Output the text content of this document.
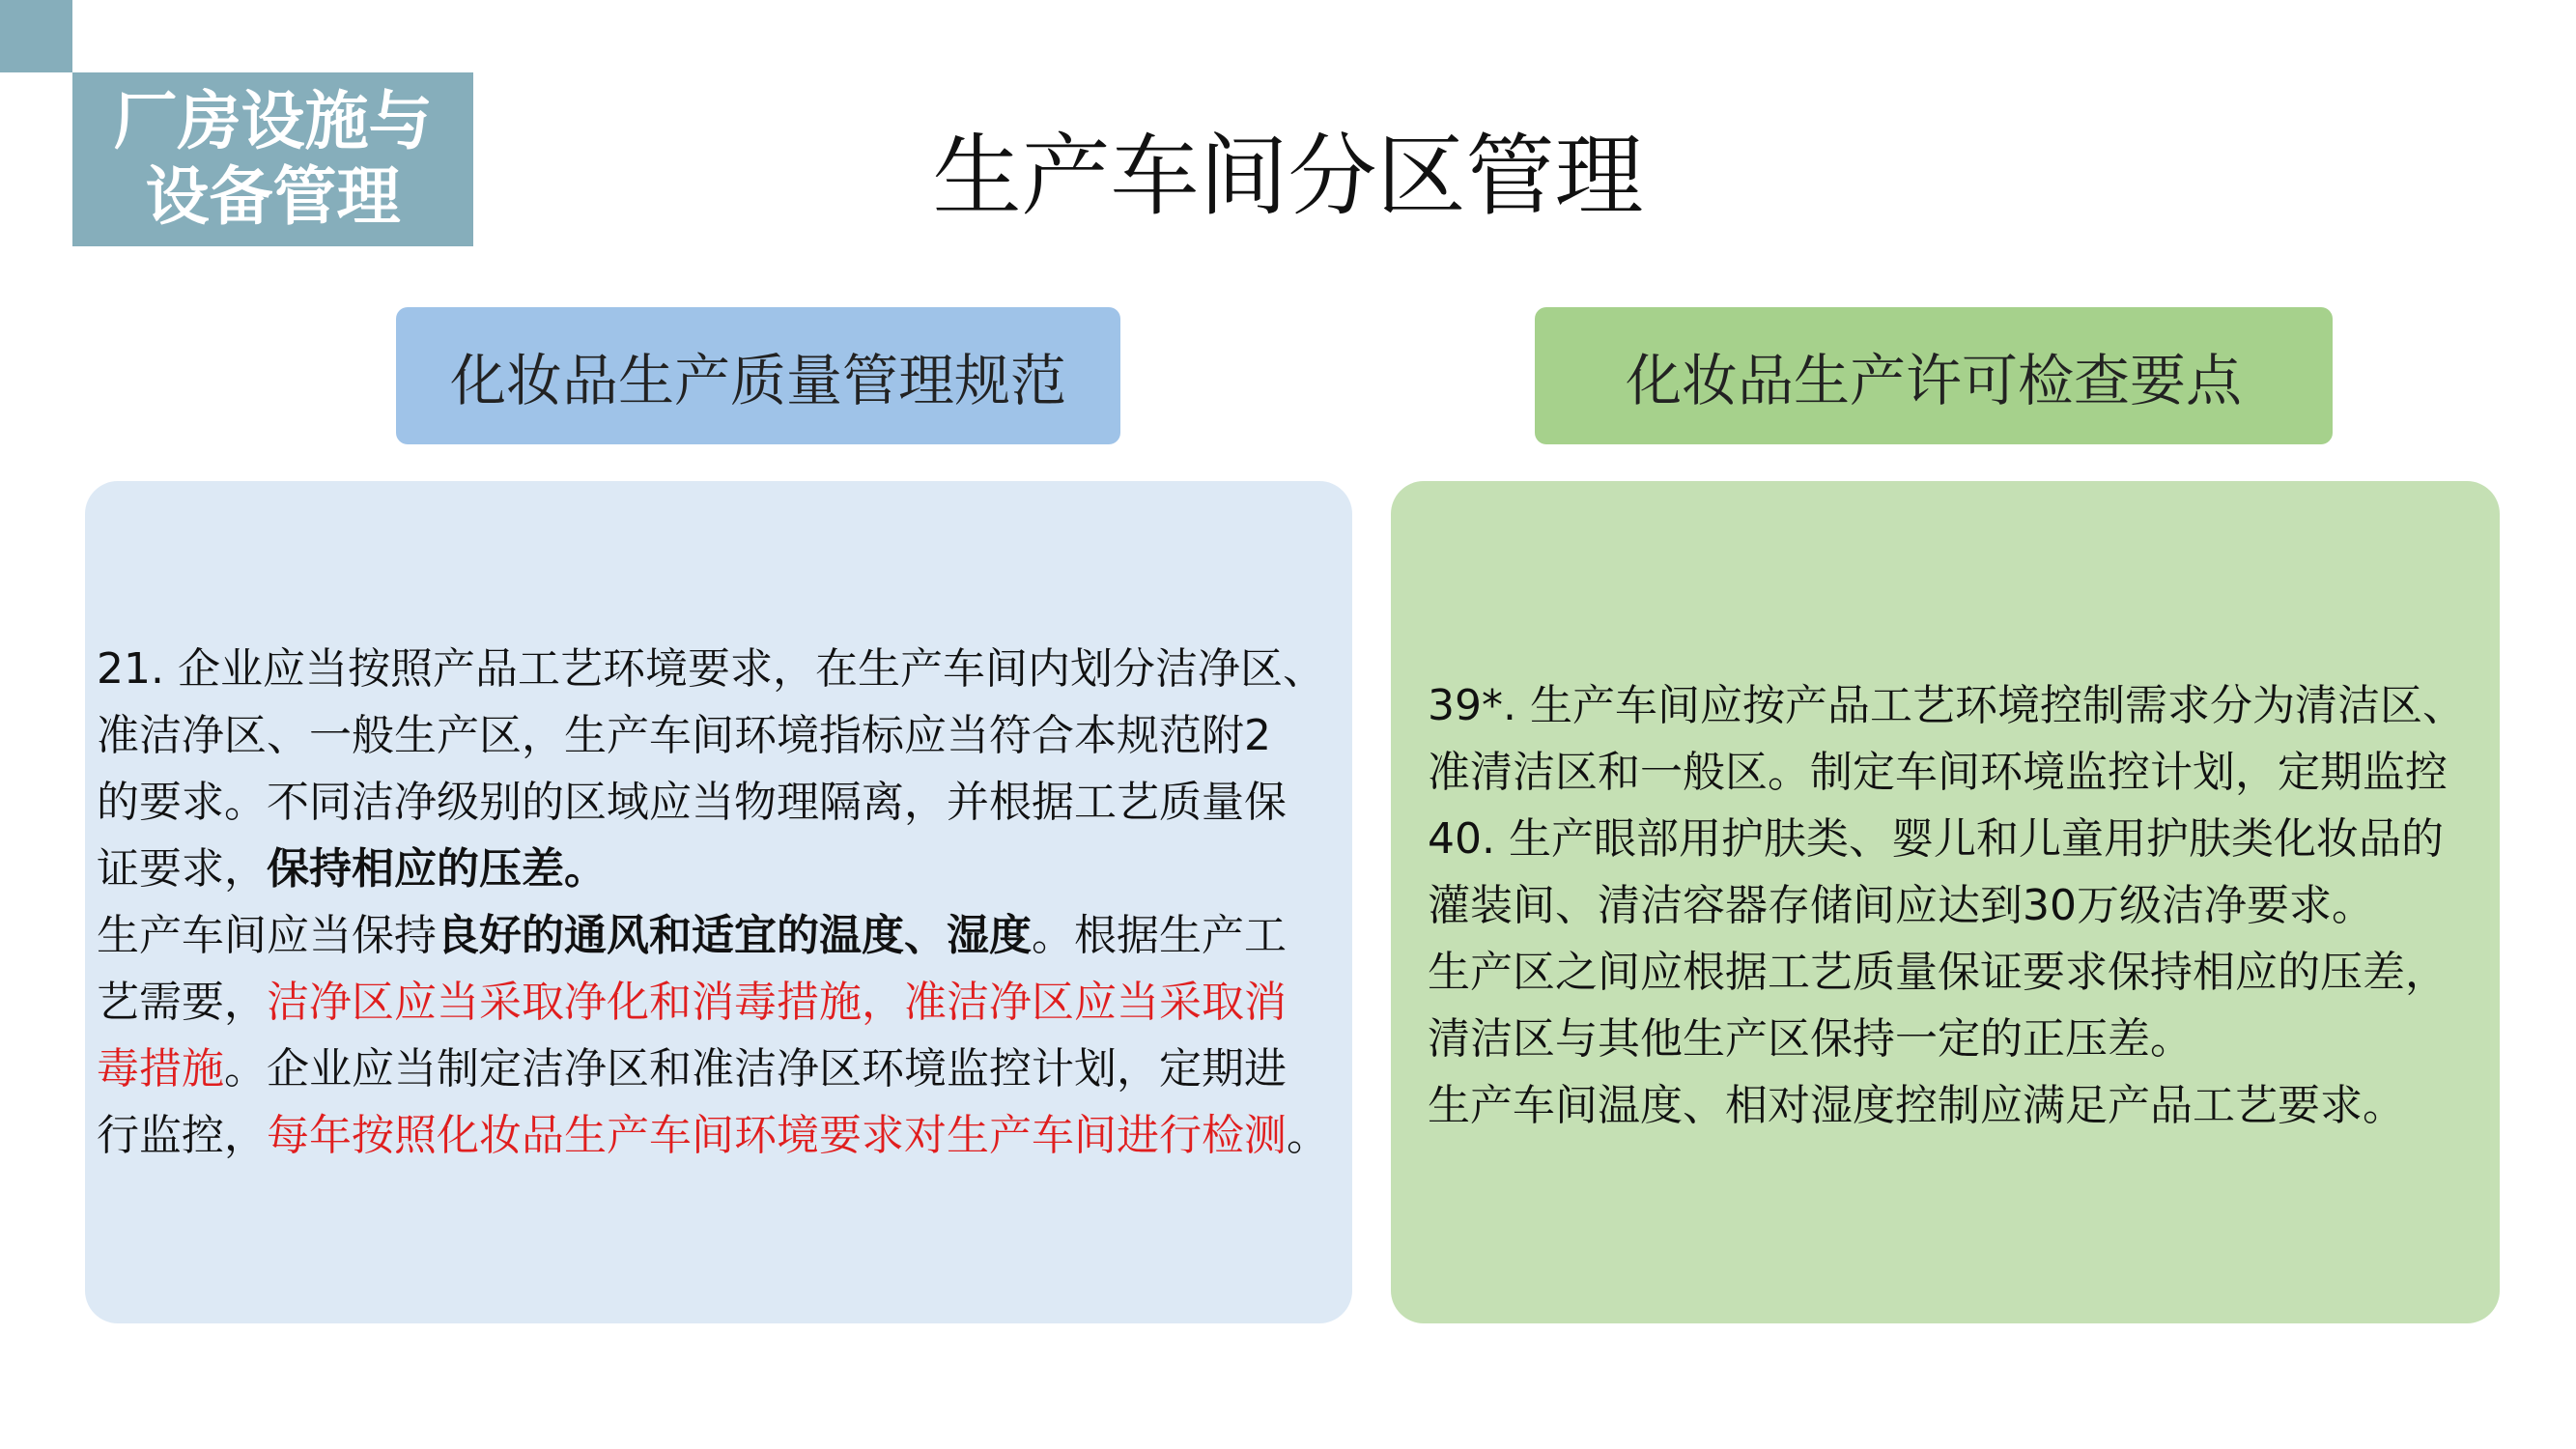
厂房设施与
设备管理	生产车间分区管理
化妆品生产质量管理规范	化妆品生产许可检查要点

21. 企业应当按照产品工艺环境要求，在生产车间内划分洁净区、
准洁净区、一般生产区，生产车间环境指标应当符合本规范附2
的要求。不同洁净级别的区域应当物理隔离，并根据工艺质量保
证要求，保持相应的压差。

生产车间应当保持良好的通风和适宜的温度、湿度。根据生产工
艺需要，洁净区应当采取净化和消毒措施，准洁净区应当采取消
毒措施。企业应当制定洁净区和准洁净区环境监控计划，定期进
行监控，每年按照化妆品生产车间环境要求对生产车间进行检测。

39*. 生产车间应按产品工艺环境控制需求分为清洁区、
准清洁区和一般区。制定车间环境监控计划，定期监控
40. 生产眼部用护肤类、婴儿和儿童用护肤类化妆品的
灌装间、清洁容器存储间应达到30万级洁净要求。
生产区之间应根据工艺质量保证要求保持相应的压差，
清洁区与其他生产区保持一定的正压差。
生产车间温度、相对湿度控制应满足产品工艺要求。
